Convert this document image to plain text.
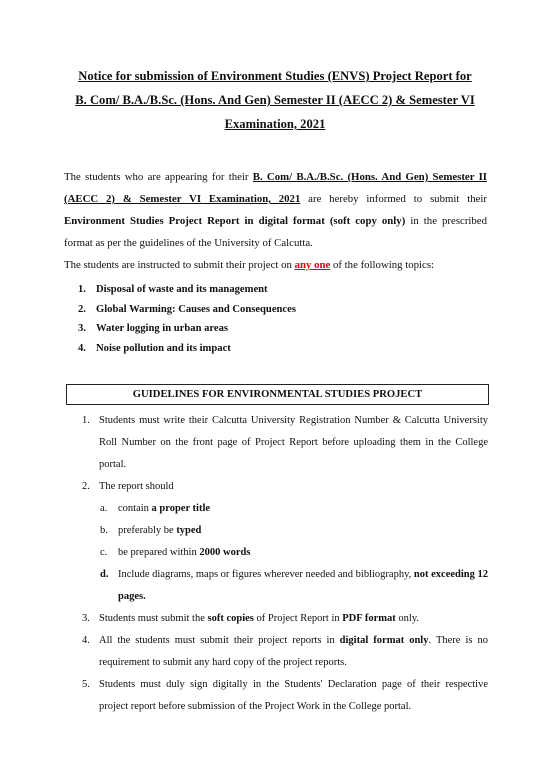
Notice for submission of Environment Studies (ENVS) Project Report for
B. Com/ B.A./B.Sc. (Hons. And Gen) Semester II (AECC 2) & Semester VI
Examination, 2021
The students who are appearing for their B. Com/ B.A./B.Sc. (Hons. And Gen) Semester II (AECC 2) & Semester VI Examination, 2021 are hereby informed to submit their Environment Studies Project Report in digital format (soft copy only) in the prescribed format as per the guidelines of the University of Calcutta.
The students are instructed to submit their project on any one of the following topics:
1. Disposal of waste and its management
2. Global Warming: Causes and Consequences
3. Water logging in urban areas
4. Noise pollution and its impact
GUIDELINES FOR ENVIRONMENTAL STUDIES PROJECT
1. Students must write their Calcutta University Registration Number & Calcutta University Roll Number on the front page of Project Report before uploading them in the College portal.
2. The report should
a. contain a proper title
b. preferably be typed
c. be prepared within 2000 words
d. Include diagrams, maps or figures wherever needed and bibliography, not exceeding 12 pages.
3. Students must submit the soft copies of Project Report in PDF format only.
4. All the students must submit their project reports in digital format only. There is no requirement to submit any hard copy of the project reports.
5. Students must duly sign digitally in the Students' Declaration page of their respective project report before submission of the Project Work in the College portal.
